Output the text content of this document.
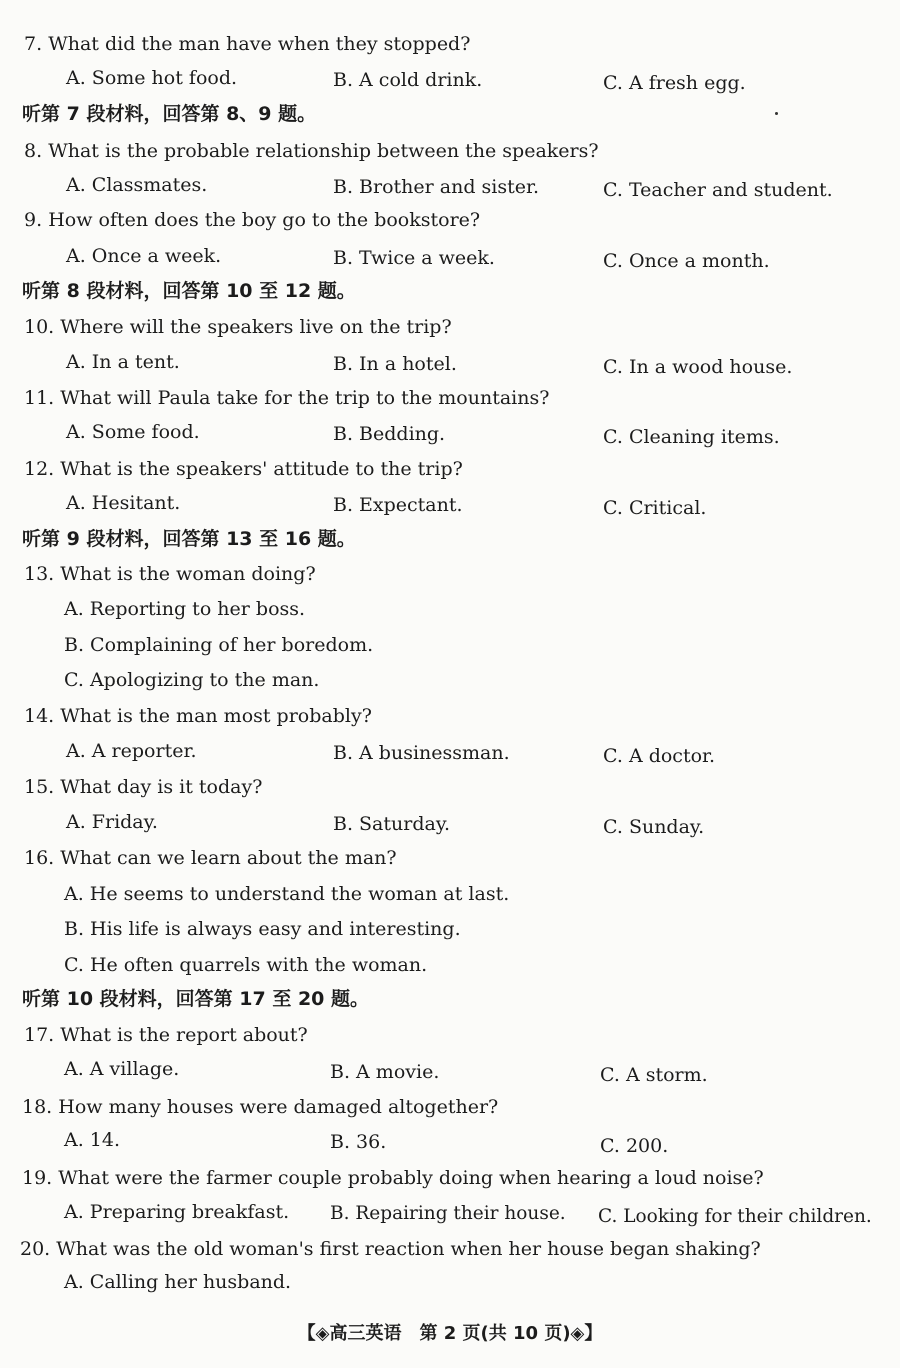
7. What did the man have when they stopped?
A. Some hot food.	B. A cold drink.	C. A fresh egg.
听第 7 段材料，回答第 8、9 题。
8. What is the probable relationship between the speakers?
A. Classmates.	B. Brother and sister.	C. Teacher and student.
9. How often does the boy go to the bookstore?
A. Once a week.	B. Twice a week.	C. Once a month.
听第 8 段材料，回答第 10 至 12 题。
10. Where will the speakers live on the trip?
A. In a tent.	B. In a hotel.	C. In a wood house.
11. What will Paula take for the trip to the mountains?
A. Some food.	B. Bedding.	C. Cleaning items.
12. What is the speakers' attitude to the trip?
A. Hesitant.	B. Expectant.	C. Critical.
听第 9 段材料，回答第 13 至 16 题。
13. What is the woman doing?
A. Reporting to her boss.
B. Complaining of her boredom.
C. Apologizing to the man.
14. What is the man most probably?
A. A reporter.	B. A businessman.	C. A doctor.
15. What day is it today?
A. Friday.	B. Saturday.	C. Sunday.
16. What can we learn about the man?
A. He seems to understand the woman at last.
B. His life is always easy and interesting.
C. He often quarrels with the woman.
听第 10 段材料，回答第 17 至 20 题。
17. What is the report about?
A. A village.	B. A movie.	C. A storm.
18. How many houses were damaged altogether?
A. 14.	B. 36.	C. 200.
19. What were the farmer couple probably doing when hearing a loud noise?
A. Preparing breakfast. B. Repairing their house. C. Looking for their children.
20. What was the old woman's first reaction when her house began shaking?
A. Calling her husband.
【◈高三英语　第 2 页(共 10 页)◈】
